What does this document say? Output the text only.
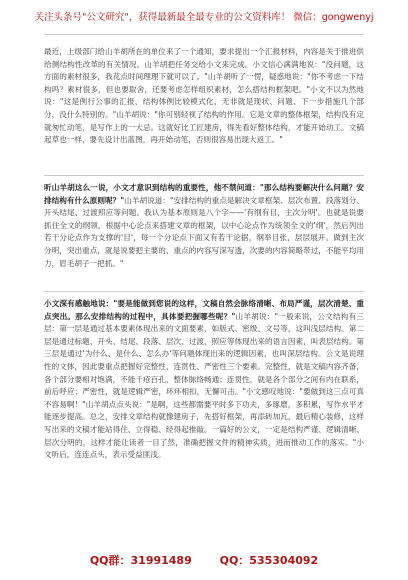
关注头条号"公文研究"，获得最新最全最专业的公文资料库！ 微信：gongwenyj

最近，上级部门给山羊胡所在的单位来了一个通知，要求提出一个汇报材料，内容是关于推进供给侧结构性改革的有关情况。山羊胡把任务交给小文来完成。小文信心满满地说："没问题，这方面的素材很多，我花点时间理理下就可以了。"山羊胡听了一愣，疑惑地说："你不考虑一下结构吗？素材很多，但也要取舍，还要考虑怎样组织素材，怎么搭结构框架吧。"小文不以为然地说："这是例行公事的汇报，结构体例比较模式化，无非就是现状、问题、下一步措施几个部分，没什么特别的。"山羊胡说："你可别轻视了结构的作用。它是文章的整体框架，结构没有定就匆忙动笔，是写作上的一大忌。这就好比工匠建房，得先看好整体结构，才能开始动工。文稿起草也一样，要先设计出蓝图，再开始动笔，否则很容易出现大返工。"

听山羊胡这么一说，小文才意识到结构的重要性，他不禁问道："那么结构要解决什么问题？安排结构有什么原则呢？"山羊胡说道："安排结构的重点是解决文章框架、层次布置、段落划分、开头结尾、过渡照应等问题。我认为基本原则是八个字——'有纲有目，主次分明'。也就是说要抓住全文的纲领，根据中心论点来搭建文章的框架，以中心论点作为统领全文的'纲'，然后列出若干分论点作为支撑的'目'，每一个分论点下面又有若干论据，纲举目张，层层展开。做到主次分明，突出重点，就是说要把主要的、重点的内容写深写透，次要的内容简略带过，不能平均用力，眉毛胡子一把抓。"

小文深有感触地说："要是能做到您说的这样，文稿自然会脉络清晰、布局严谨，层次清楚、重点突出。那么安排结构的过程中，具体要把握哪些呢？"山羊胡说："一般来说，公文结构有三层：第一层是通过基本要素体现出来的文面要素，如版式、密级、文号等，这叫浅层结构。第二层是通过标题、开头、结尾、段落、层次、过渡、照应等体现出来的语言因素，叫表层结构。第三层是通过'为什么、是什么、怎么办'等问题体现出来的逻辑因素，也叫深层结构。公文是说理性的文体，因此要重点把握好完整性、连贯性、严密性三个要素。完整性，就是文稿内容齐备，各个部分要相对饱满，不能千疮百孔，整体脉络畅通；连贯性，就是各个部分之间有内在联系，前后呼应；严密性，就是逻辑严密，环环相扣，无懈可击。"小文感叹地说："要做到这三点可真不容易啊！"山羊胡点点头说："是啊，这些都需要平时多下功夫，多琢磨，多积累，写作水平才能逐步提高。总之，安排文章结构就像建房子，先搭好框架，再添砖加瓦，最后精心装修，这样写出来的文稿才能站得住、立得稳、经得起推敲。一篇好的公文，一定是结构严谨、逻辑清晰、层次分明的，这样才能让读者一目了然，准确把握文件的精神实质，进而推动工作的落实。"小文听后，连连点头，表示受益匪浅。

QQ群：31991489	QQ：535304092
